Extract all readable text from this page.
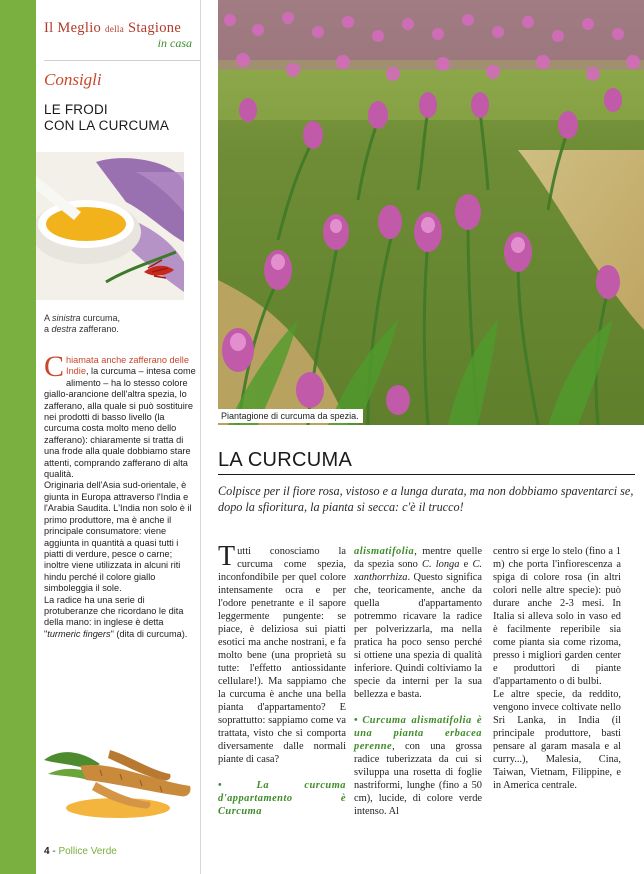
Il Meglio della Stagione
in casa
Consigli
LE FRODI
CON LA CURCUMA
A sinistra curcuma,
a destra zafferano.

Chiamata anche zafferano delle Indie, la curcuma – intesa come alimento – ha lo stesso colore giallo-arancione dell'altra spezia, lo zafferano, alla quale si può sostituire nei prodotti di basso livello (la curcuma costa molto meno dello zafferano): chiaramente si tratta di una frode alla quale dobbiamo stare attenti, comprando zafferano di alta qualità.

Originaria dell'Asia sud-orientale, è giunta in Europa attraverso l'India e l'Arabia Saudita. L'India non solo è il primo produttore, ma è anche il principale consumatore: viene aggiunta in quantità a quasi tutti i piatti di verdure, pesce o carne; inoltre viene utilizzata in alcuni riti hindu perché il colore giallo simboleggia il sole.

La radice ha una serie di protuberanze che ricordano le dita della mano: in inglese è detta "turmeric fingers" (dita di curcuma).

4 - Pollice Verde
Piantagione di curcuma da spezia.
LA CURCUMA
Colpisce per il fiore rosa, vistoso e a lunga durata, ma non dobbiamo spaventarci se, dopo la sfioritura, la pianta si secca: c'è il trucco!

Tutti conosciamo la curcuma come spezia, inconfondibile per quel colore intensamente ocra e per l'odore penetrante e il sapore leggermente pungente: se piace, è deliziosa sui piatti esotici ma anche nostrani, e fa molto bene (una proprietà su tutte: l'effetto antiossidante cellulare!). Ma sappiamo che la curcuma è anche una bella pianta d'appartamento? E soprattutto: sappiamo come va trattata, visto che si comporta diversamente dalle normali piante di casa?

• La curcuma d'appartamento è Curcuma

alismatifolia, mentre quelle da spezia sono C. longa e C. xanthorrhiza. Questo significa che, teoricamente, anche da quella d'appartamento potremmo ricavare la radice per polverizzarla, ma nella pratica ha poco senso perché si ottiene una spezia di qualità inferiore. Quindi coltiviamo la specie da interni per la sua bellezza e basta.

• Curcuma alismatifolia è una pianta erbacea perenne, con una grossa radice tuberizzata da cui si sviluppa una rosetta di foglie nastriformi, lunghe (fino a 50 cm), lucide, di colore verde intenso. Al

centro si erge lo stelo (fino a 1 m) che porta l'infiorescenza a spiga di colore rosa (in altri colori nelle altre specie): può durare anche 2-3 mesi. In Italia si alleva solo in vaso ed è facilmente reperibile sia come pianta sia come rizoma, presso i migliori garden center e produttori di piante d'appartamento o di bulbi.

Le altre specie, da reddito, vengono invece coltivate nello Sri Lanka, in India (il principale produttore, basti pensare al garam masala e al curry...), Malesia, Cina, Taiwan, Vietnam, Filippine, e in America centrale.
